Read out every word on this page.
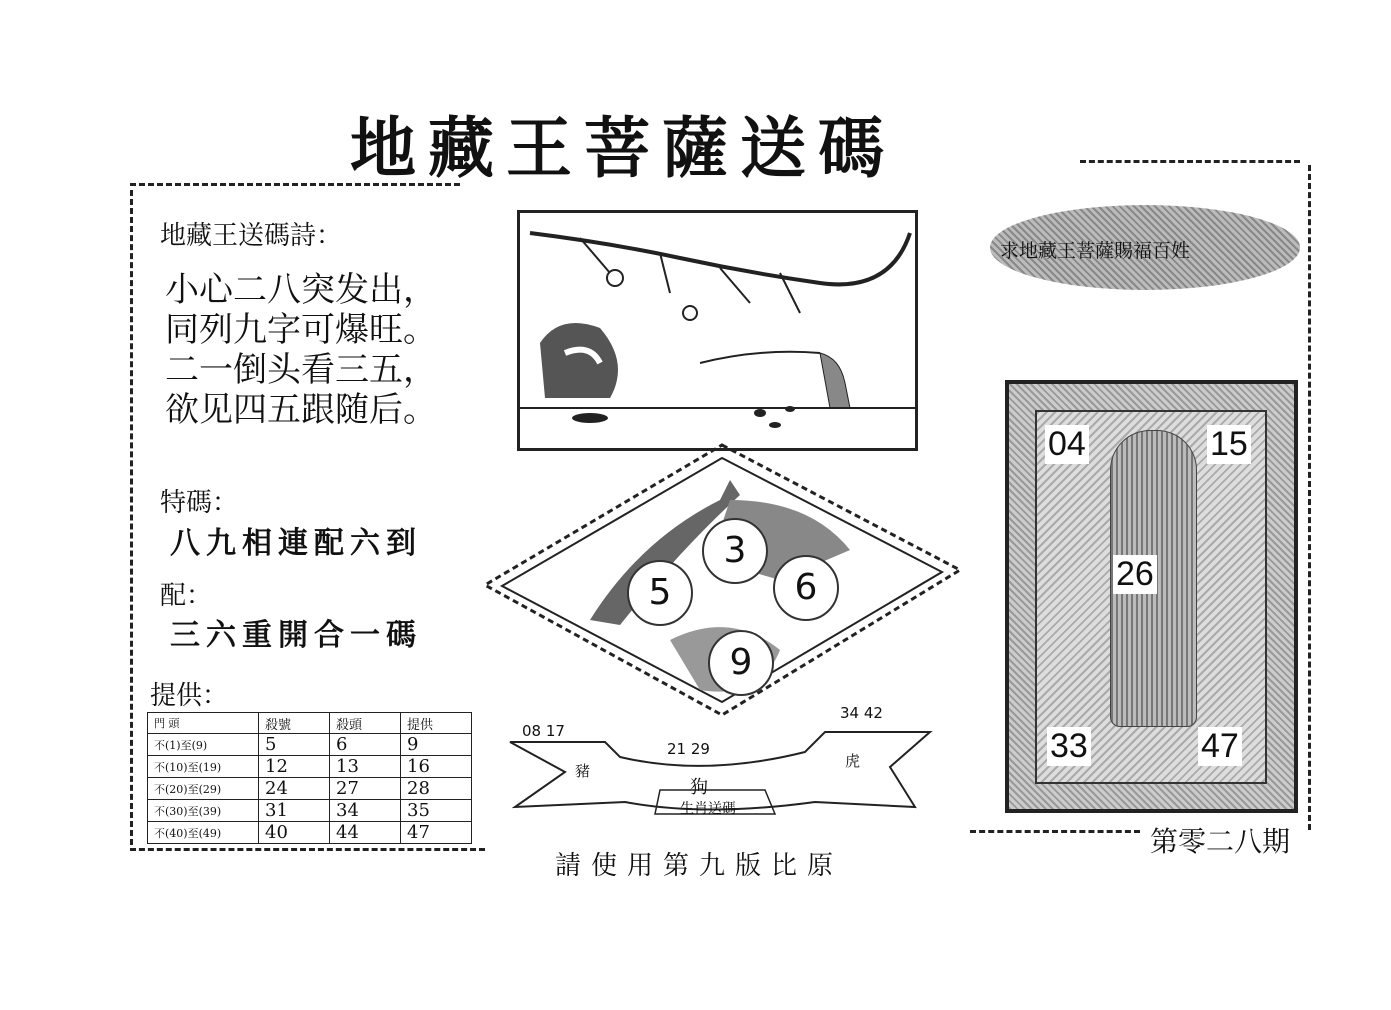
地藏王菩薩送碼
地藏王送碼詩：
小心二八突发出，
同列九字可爆旺。
二一倒头看三五，
欲见四五跟随后。
特碼：
八九相連配六到
配：
三六重開合一碼
提供：
門 頭	殺號	殺頭	提供
不(1)至(9)	5	6	9
不(10)至(19)	12	13	16
不(20)至(29)	24	27	28
不(30)至(39)	31	34	35
不(40)至(49)	40	44	47
3
5	6
9
08 17
豬
21 29
狗
34 42
虎
生肖送碼
求地藏王菩薩賜福百姓
04	15
26
33	47
第零二八期
請使用第九版比原
